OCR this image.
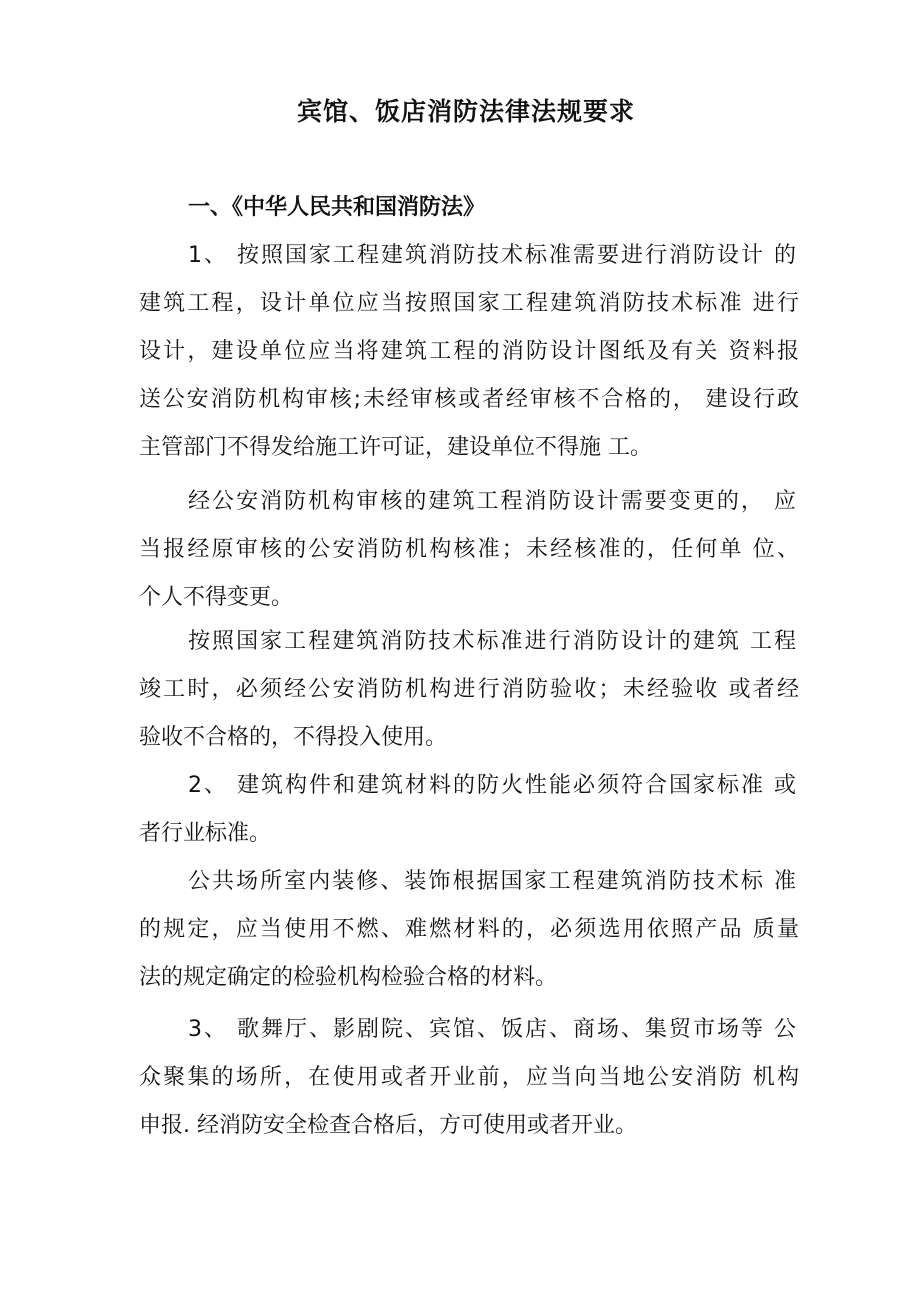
宾馆、饭店消防法律法规要求
一、《中华人民共和国消防法》
1、 按照国家工程建筑消防技术标准需要进行消防设计 的
建筑工程，设计单位应当按照国家工程建筑消防技术标准 进行
设计，建设单位应当将建筑工程的消防设计图纸及有关 资料报
送公安消防机构审核;未经审核或者经审核不合格的， 建设行政
主管部门不得发给施工许可证，建设单位不得施 工。
经公安消防机构审核的建筑工程消防设计需要变更的， 应
当报经原审核的公安消防机构核准；未经核准的，任何单 位、
个人不得变更。
按照国家工程建筑消防技术标准进行消防设计的建筑 工程
竣工时，必须经公安消防机构进行消防验收；未经验收 或者经
验收不合格的，不得投入使用。
2、 建筑构件和建筑材料的防火性能必须符合国家标准 或
者行业标准。
公共场所室内装修、装饰根据国家工程建筑消防技术标 准
的规定，应当使用不燃、难燃材料的，必须选用依照产品 质量
法的规定确定的检验机构检验合格的材料。
3、 歌舞厅、影剧院、宾馆、饭店、商场、集贸市场等 公
众聚集的场所，在使用或者开业前，应当向当地公安消防 机构
申报. 经消防安全检查合格后，方可使用或者开业。
